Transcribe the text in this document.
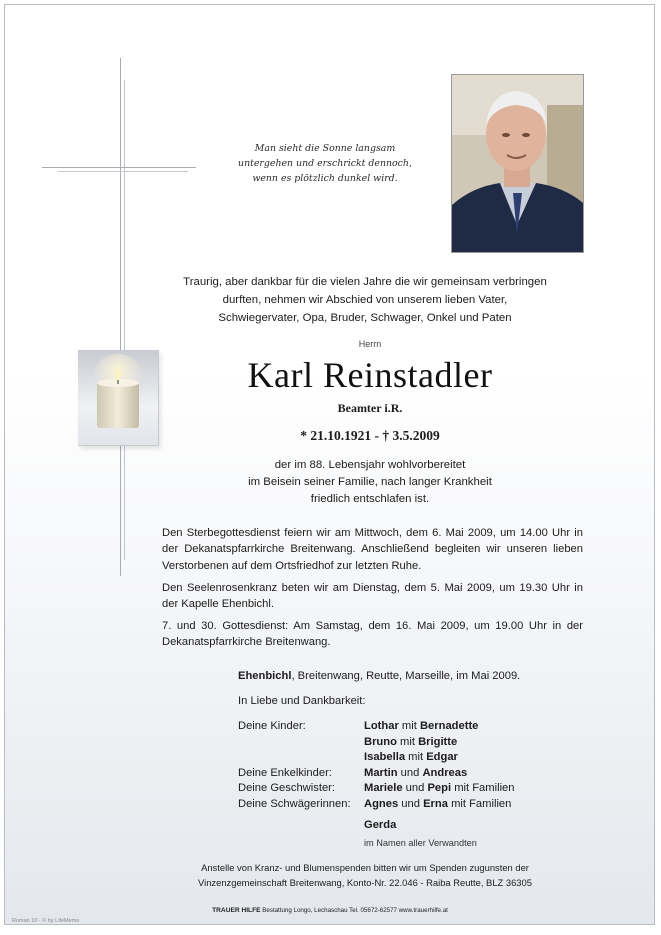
Man sieht die Sonne langsam
untergehen und erschrickt dennoch,
wenn es plötzlich dunkel wird.
Traurig, aber dankbar für die vielen Jahre die wir gemeinsam verbringen
durften, nehmen wir Abschied von unserem lieben Vater,
Schwiegervater, Opa, Bruder, Schwager, Onkel und Paten
Herrn
Karl Reinstadler
Beamter i.R.
* 21.10.1921 - † 3.5.2009
der im 88. Lebensjahr wohlvorbereitet
im Beisein seiner Familie, nach langer Krankheit
friedlich entschlafen ist.
Den Sterbegottesdienst feiern wir am Mittwoch, dem 6. Mai 2009, um 14.00 Uhr in der Dekanatspfarrkirche Breitenwang. Anschließend begleiten wir unseren lieben Verstorbenen auf dem Ortsfriedhof zur letzten Ruhe.
Den Seelenrosenkranz beten wir am Dienstag, dem 5. Mai 2009, um 19.30 Uhr in der Kapelle Ehenbichl.
7. und 30. Gottesdienst: Am Samstag, dem 16. Mai 2009, um 19.00 Uhr in der Dekanatspfarrkirche Breitenwang.
Ehenbichl, Breitenwang, Reutte, Marseille, im Mai 2009.
In Liebe und Dankbarkeit:
Deine Kinder:	Lothar mit Bernadette
Bruno mit Brigitte
Isabella mit Edgar
Deine Enkelkinder:	Martin und Andreas
Deine Geschwister:	Mariele und Pepi mit Familien
Deine Schwägerinnen: Agnes und Erna mit Familien
Gerda
im Namen aller Verwandten
Anstelle von Kranz- und Blumenspenden bitten wir um Spenden zugunsten der
Vinzenzgemeinschaft Breitenwang, Konto-Nr. 22.046 - Raiba Reutte, BLZ 36305
TRAUER HILFE Bestattung Longo, Lechaschau Tel. 05672-62577 www.trauerhilfe.at
Roman 10 - © by LifeMemo
